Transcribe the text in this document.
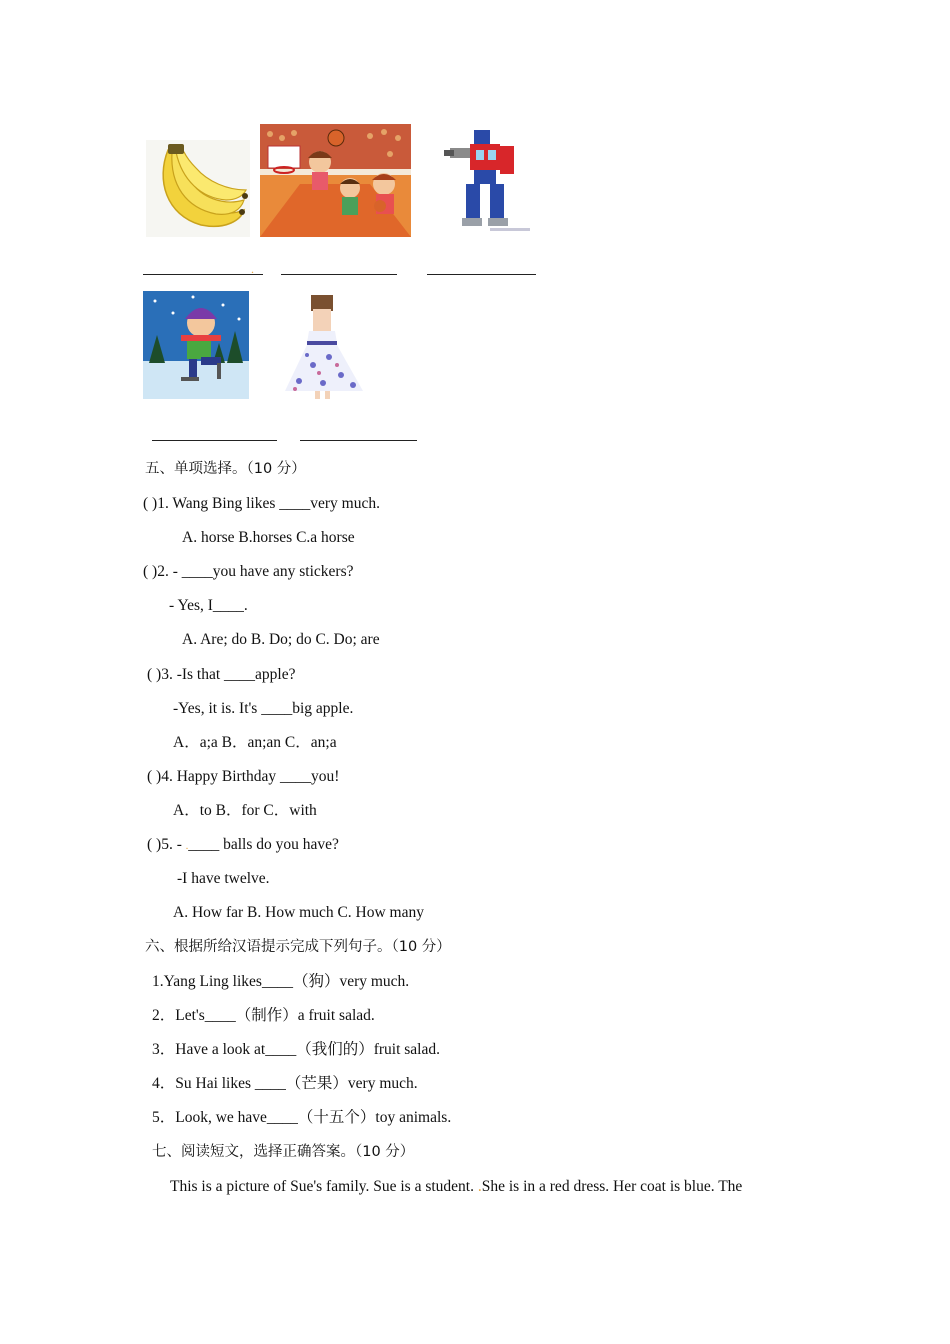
.
五、单项选择。（10 分）
( )1. Wang Bing likes ____very much.
A. horse B.horses C.a horse
( )2. - ____you have any stickers?
- Yes, I____.
A. Are; do B. Do; do C. Do; are
( )3. -Is that ____apple?
-Yes, it is. It's ____big apple.
A．a;a B．an;an C．an;a
( )4. Happy Birthday ____you!
A．to B．for C．with
( )5. - .____ balls do you have?
-I have twelve.
A. How far B. How much C. How many
六、根据所给汉语提示完成下列句子。（10 分）
1.Yang Ling likes____（狗）very much.
2．Let's____（制作）a fruit salad.
3．Have a look at____（我们的）fruit salad.
4．Su Hai likes ____（芒果）very much.
5．Look, we have____（十五个）toy animals.
七、阅读短文，选择正确答案。（10 分）
This is a picture of Sue's family. Sue is a student. .She is in a red dress. Her coat is blue. The
